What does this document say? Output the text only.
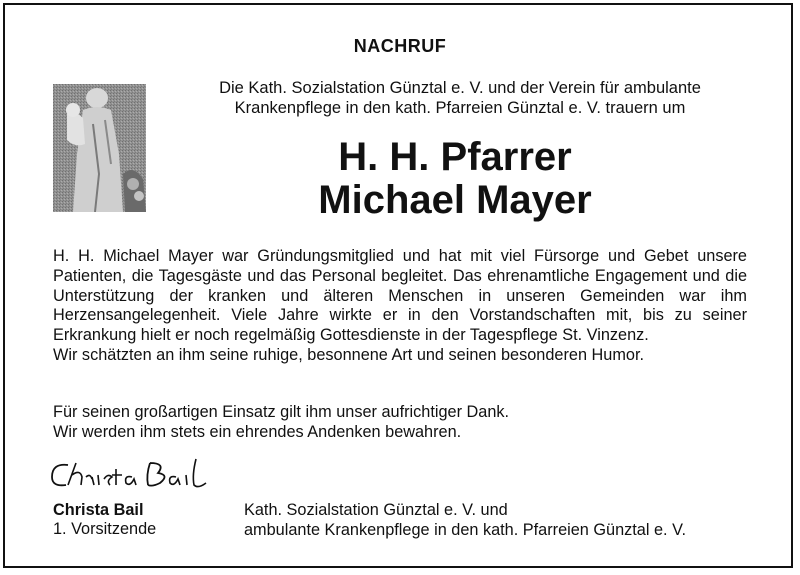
NACHRUF
Die Kath. Sozialstation Günztal e. V. und der Verein für ambulante
Krankenpflege in den kath. Pfarreien Günztal e. V. trauern um
H. H. Pfarrer
Michael Mayer

H. H. Michael Mayer war Gründungsmitglied und hat mit viel Fürsorge und Gebet unsere Patienten, die Tagesgäste und das Personal begleitet. Das ehrenamtliche Engagement und die Unterstützung der kranken und älteren Menschen in unseren Gemeinden war ihm Herzensangelegenheit. Viele Jahre wirkte er in den Vorstandschaften mit, bis zu seiner Erkrankung hielt er noch regelmäßig Gottesdienste in der Tagespflege St. Vinzenz.

Wir schätzten an ihm seine ruhige, besonnene Art und seinen besonderen Humor.

Für seinen großartigen Einsatz gilt ihm unser aufrichtiger Dank.

Wir werden ihm stets ein ehrendes Andenken bewahren.

Christa Bail
1. Vorsitzende

Kath. Sozialstation Günztal e. V. und

ambulante Krankenpflege in den kath. Pfarreien Günztal e. V.
